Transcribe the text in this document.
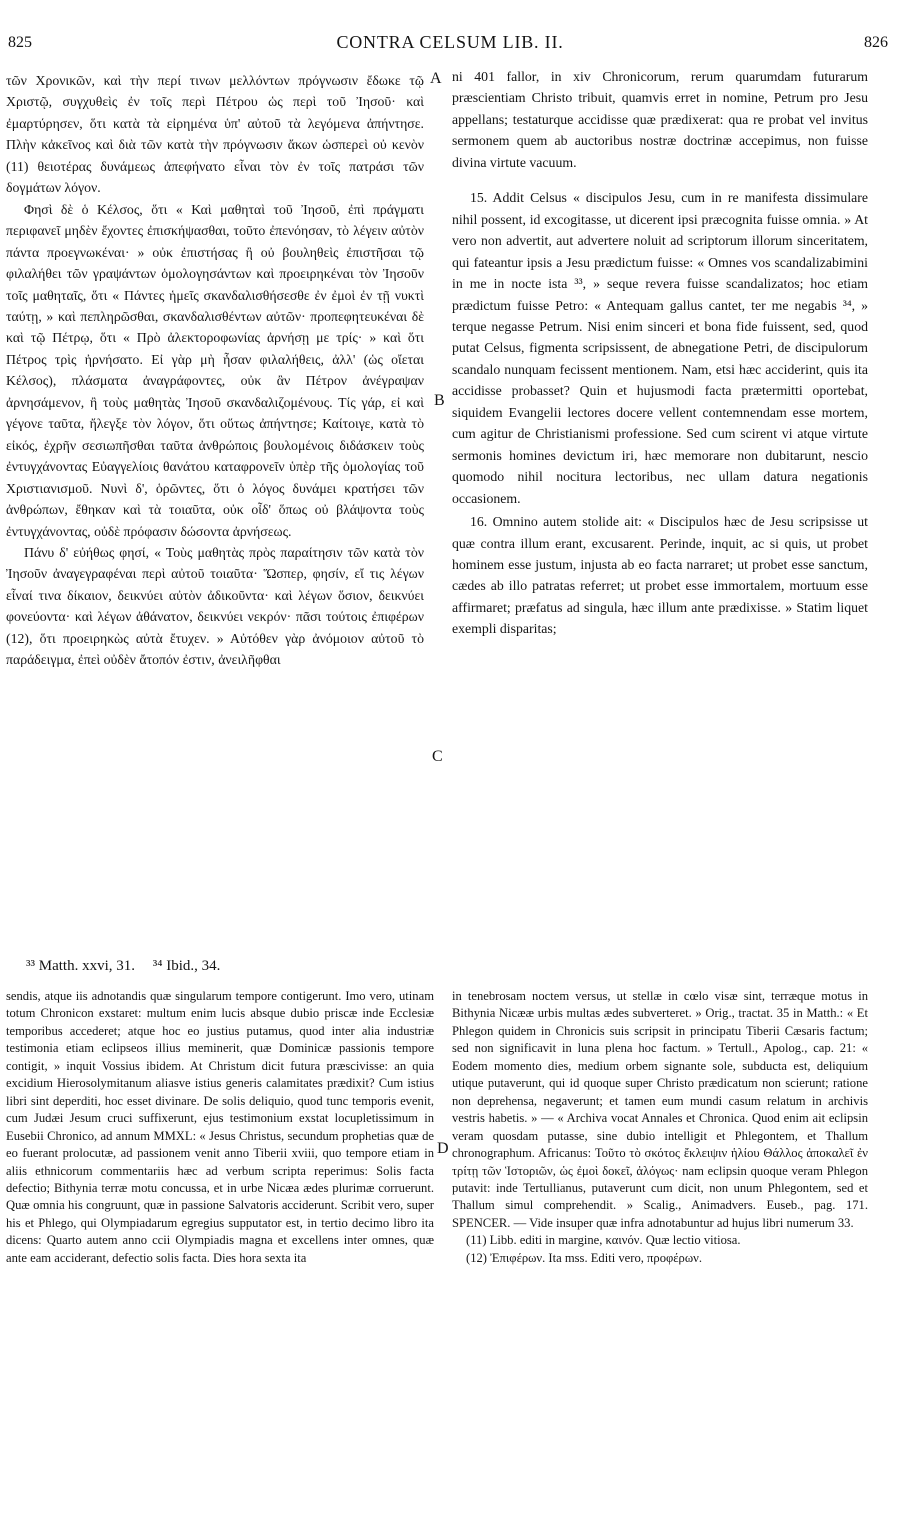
825	CONTRA CELSUM LIB. II.	826

τῶν Χρονικῶν, καὶ τὴν περί τινων μελλόντων πρόγνωσιν ἔδωκε τῷ Χριστῷ, συγχυθεὶς ἐν τοῖς περὶ Πέτρου ὡς περὶ τοῦ Ἰησοῦ· καὶ ἐμαρτύρησεν, ὅτι κατὰ τὰ εἰρημένα ὑπ' αὐτοῦ τὰ λεγόμενα ἀπήντησε. Πλὴν κἀκεῖνος καὶ διὰ τῶν κατὰ τὴν πρόγνωσιν ἄκων ὡσπερεὶ οὐ κενὸν (11) θειοτέρας δυνάμεως ἀπεφήνατο εἶναι τὸν ἐν τοῖς πατράσι τῶν δογμάτων λόγον.

Φησὶ δὲ ὁ Κέλσος, ὅτι « Καὶ μαθηταὶ τοῦ Ἰησοῦ, ἐπὶ πράγματι περιφανεῖ μηδὲν ἔχοντες ἐπισκήψασθαι, τοῦτο ἐπενόησαν, τὸ λέγειν αὐτὸν πάντα προεγνωκέναι· » οὐκ ἐπιστήσας ἢ οὐ βουληθεὶς ἐπιστῆσαι τῷ φιλαλήθει τῶν γραψάντων ὁμολογησάντων καὶ προειρηκέναι τὸν Ἰησοῦν τοῖς μαθηταῖς, ὅτι « Πάντες ἡμεῖς σκανδαλισθήσεσθε ἐν ἐμοὶ ἐν τῇ νυκτὶ ταύτῃ, » καὶ πεπληρῶσθαι, σκανδαλισθέντων αὐτῶν· προπεφητευκέναι δὲ καὶ τῷ Πέτρῳ, ὅτι « Πρὸ ἀλεκτοροφωνίας ἀρνήσῃ με τρίς· » καὶ ὅτι Πέτρος τρὶς ἠρνήσατο. Εἰ γὰρ μὴ ἦσαν φιλαλήθεις, ἀλλ' (ὡς οἴεται Κέλσος), πλάσματα ἀναγράφοντες, οὐκ ἂν Πέτρον ἀνέγραψαν ἀρνησάμενον, ἢ τοὺς μαθητὰς Ἰησοῦ σκανδαλιζομένους. Τίς γάρ, εἰ καὶ γέγονε ταῦτα, ἤλεγξε τὸν λόγον, ὅτι οὕτως ἀπήντησε; Καίτοιγε, κατὰ τὸ εἰκός, ἐχρῆν σεσιωπῆσθαι ταῦτα ἀνθρώποις βουλομένοις διδάσκειν τοὺς ἐντυγχάνοντας Εὐαγγελίοις θανάτου καταφρονεῖν ὑπὲρ τῆς ὁμολογίας τοῦ Χριστιανισμοῦ. Νυνὶ δ', ὁρῶντες, ὅτι ὁ λόγος δυνάμει κρατήσει τῶν ἀνθρώπων, ἔθηκαν καὶ τὰ τοιαῦτα, οὐκ οἶδ' ὅπως οὐ βλάψοντα τοὺς ἐντυγχάνοντας, οὐδὲ πρόφασιν δώσοντα ἀρνήσεως.

Πάνυ δ' εὐήθως φησί, « Τοὺς μαθητὰς πρὸς παραίτησιν τῶν κατὰ τὸν Ἰησοῦν ἀναγεγραφέναι περὶ αὐτοῦ τοιαῦτα· Ὥσπερ, φησίν, εἴ τις λέγων εἶναί τινα δίκαιον, δεικνύει αὐτὸν ἀδικοῦντα· καὶ λέγων ὅσιον, δεικνύει φονεύοντα· καὶ λέγων ἀθάνατον, δεικνύει νεκρόν· πᾶσι τούτοις ἐπιφέρων (12), ὅτι προειρηκὼς αὐτὰ ἔτυχεν. » Αὐτόθεν γὰρ ἀνόμοιον αὐτοῦ τὸ παράδειγμα, ἐπεὶ οὐδὲν ἄτοπόν ἐστιν, ἀνειλῆφθαι

ni 401 fallor, in xiv Chronicorum, rerum quarumdam futurarum præscientiam Christo tribuit, quamvis erret in nomine, Petrum pro Jesu appellans; testaturque accidisse quæ prædixerat: qua re probat vel invitus sermonem quem ab auctoribus nostræ doctrinæ accepimus, non fuisse divina virtute vacuum.

15. Addit Celsus « discipulos Jesu, cum in re manifesta dissimulare nihil possent, id excogitasse, ut dicerent ipsi præcognita fuisse omnia. » At vero non advertit, aut advertere noluit ad scriptorum illorum sinceritatem, qui fateantur ipsis a Jesu prædictum fuisse: « Omnes vos scandalizabimini in me in nocte ista ³³, » seque revera fuisse scandalizatos; hoc etiam prædictum fuisse Petro: « Antequam gallus cantet, ter me negabis ³⁴, » terque negasse Petrum. Nisi enim sinceri et bona fide fuissent, sed, quod putat Celsus, figmenta scripsissent, de abnegatione Petri, de discipulorum scandalo nunquam fecissent mentionem. Nam, etsi hæc acciderint, quis ita accidisse probasset? Quin et hujusmodi facta prætermitti oportebat, siquidem Evangelii lectores docere vellent contemnendam esse mortem, cum agitur de Christianismi professione. Sed cum scirent vi atque virtute sermonis homines devictum iri, hæc memorare non dubitarunt, nescio quomodo nihil nocitura lectoribus, nec ullam datura negationis occasionem.

16. Omnino autem stolide ait: « Discipulos hæc de Jesu scripsisse ut quæ contra illum erant, excusarent. Perinde, inquit, ac si quis, ut probet hominem esse justum, injusta ab eo facta narraret; ut probet esse sanctum, cædes ab illo patratas referret; ut probet esse immortalem, mortuum esse affirmaret; præfatus ad singula, hæc illum ante prædixisse. » Statim liquet exempli disparitas;

A
B
C
D
³³ Matth. xxvi, 31. ³⁴ Ibid., 34.

sendis, atque iis adnotandis quæ singularum tempore contigerunt. Imo vero, utinam totum Chronicon exstaret: multum enim lucis absque dubio priscæ inde Ecclesiæ temporibus accederet; atque hoc eo justius putamus, quod inter alia industriæ testimonia etiam eclipseos illius meminerit, quæ Dominicæ passionis tempore contigit, » inquit Vossius ibidem. At Christum dicit futura præscivisse: an quia excidium Hierosolymitanum aliasve istius generis calamitates prædixit? Cum istius libri sint deperditi, hoc esset divinare. De solis deliquio, quod tunc temporis evenit, cum Judæi Jesum cruci suffixerunt, ejus testimonium exstat locupletissimum in Eusebii Chronico, ad annum MMXL: « Jesus Christus, secundum prophetias quæ de eo fuerant prolocutæ, ad passionem venit anno Tiberii xviii, quo tempore etiam in aliis ethnicorum commentariis hæc ad verbum scripta reperimus: Solis facta defectio; Bithynia terræ motu concussa, et in urbe Nicæa ædes plurimæ corruerunt. Quæ omnia his congruunt, quæ in passione Salvatoris acciderunt. Scribit vero, super his et Phlego, qui Olympiadarum egregius supputator est, in tertio decimo libro ita dicens: Quarto autem anno ccii Olympiadis magna et excellens inter omnes, quæ ante eam acciderant, defectio solis facta. Dies hora sexta ita

in tenebrosam noctem versus, ut stellæ in cœlo visæ sint, terræque motus in Bithynia Nicææ urbis multas ædes subverteret. » Orig., tractat. 35 in Matth.: « Et Phlegon quidem in Chronicis suis scripsit in principatu Tiberii Cæsaris factum; sed non significavit in luna plena hoc factum. » Tertull., Apolog., cap. 21: « Eodem momento dies, medium orbem signante sole, subducta est, deliquium utique putaverunt, qui id quoque super Christo prædicatum non scierunt; ratione non deprehensa, negaverunt; et tamen eum mundi casum relatum in archivis vestris habetis. » — « Archiva vocat Annales et Chronica. Quod enim ait eclipsin veram quosdam putasse, sine dubio intelligit et Phlegontem, et Thallum chronographum. Africanus: Τοῦτο τὸ σκότος ἔκλειψιν ἡλίου Θάλλος ἀποκαλεῖ ἐν τρίτῃ τῶν Ἱστοριῶν, ὡς ἐμοὶ δοκεῖ, ἀλόγως· nam eclipsin quoque veram Phlegon putavit: inde Tertullianus, putaverunt cum dicit, non unum Phlegontem, sed et Thallum simul comprehendit. » Scalig., Animadvers. Euseb., pag. 171. SPENCER. — Vide insuper quæ infra adnotabuntur ad hujus libri numerum 33.

(11) Libb. editi in margine, καινόν. Quæ lectio vitiosa.

(12) Ἐπιφέρων. Ita mss. Editi vero, προφέρων.
